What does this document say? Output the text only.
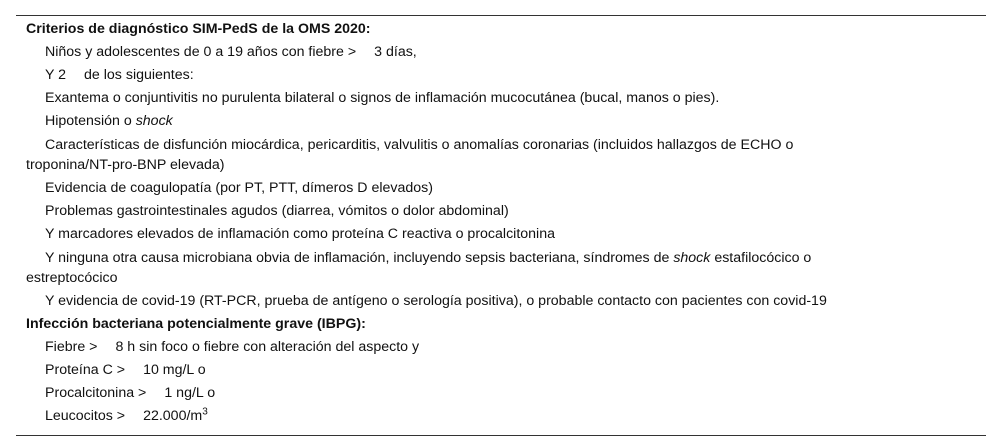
Criterios de diagnóstico SIM-PedS de la OMS 2020:
Niños y adolescentes de 0 a 19 años con fiebre > 3 días,
Y 2 de los siguientes:
Exantema o conjuntivitis no purulenta bilateral o signos de inflamación mucocutánea (bucal, manos o pies).
Hipotensión o shock
Características de disfunción miocárdica, pericarditis, valvulitis o anomalías coronarias (incluidos hallazgos de ECHO o
troponina/NT-pro-BNP elevada)
Evidencia de coagulopatía (por PT, PTT, dímeros D elevados)
Problemas gastrointestinales agudos (diarrea, vómitos o dolor abdominal)
Y marcadores elevados de inflamación como proteína C reactiva o procalcitonina
Y ninguna otra causa microbiana obvia de inflamación, incluyendo sepsis bacteriana, síndromes de shock estafilocócico o
estreptocócico
Y evidencia de covid-19 (RT-PCR, prueba de antígeno o serología positiva), o probable contacto con pacientes con covid-19
Infección bacteriana potencialmente grave (IBPG):
Fiebre > 8 h sin foco o fiebre con alteración del aspecto y
Proteína C > 10 mg/L o
Procalcitonina > 1 ng/L o
Leucocitos > $22.000/m^3$
